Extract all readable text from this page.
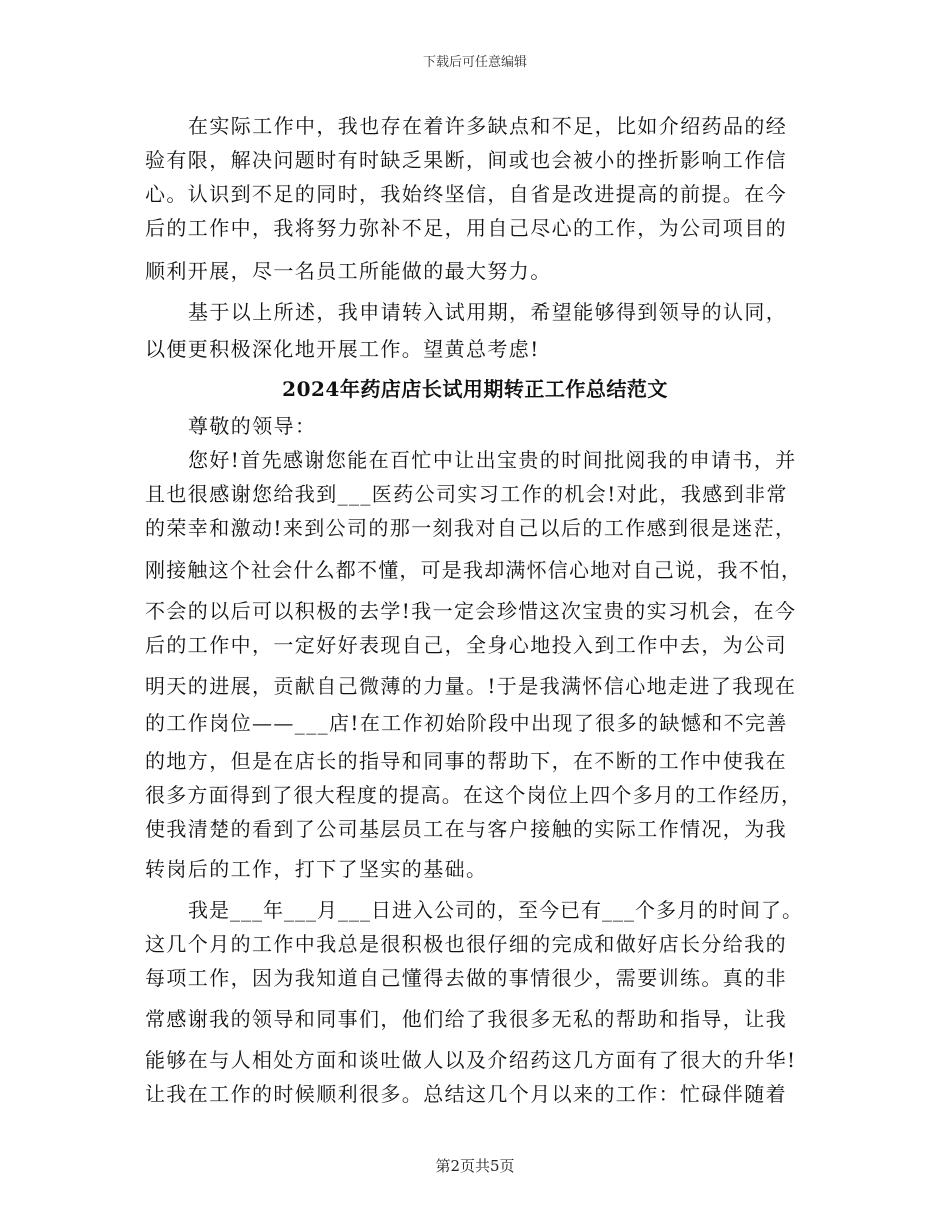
下载后可任意编辑
在实际工作中，我也存在着许多缺点和不足，比如介绍药品的经
验有限，解决问题时有时缺乏果断，间或也会被小的挫折影响工作信
心。认识到不足的同时，我始终坚信，自省是改进提高的前提。在今
后的工作中，我将努力弥补不足，用自己尽心的工作，为公司项目的
顺利开展，尽一名员工所能做的最大努力。
基于以上所述，我申请转入试用期，希望能够得到领导的认同，
以便更积极深化地开展工作。望黄总考虑!
2024年药店店长试用期转正工作总结范文
尊敬的领导：
您好!首先感谢您能在百忙中让出宝贵的时间批阅我的申请书，并
且也很感谢您给我到___医药公司实习工作的机会!对此，我感到非常
的荣幸和激动!来到公司的那一刻我对自己以后的工作感到很是迷茫，
刚接触这个社会什么都不懂，可是我却满怀信心地对自己说，我不怕，
不会的以后可以积极的去学!我一定会珍惜这次宝贵的实习机会，在今
后的工作中，一定好好表现自己，全身心地投入到工作中去，为公司
明天的进展，贡献自己微薄的力量。!于是我满怀信心地走进了我现在
的工作岗位——___店!在工作初始阶段中出现了很多的缺憾和不完善
的地方，但是在店长的指导和同事的帮助下，在不断的工作中使我在
很多方面得到了很大程度的提高。在这个岗位上四个多月的工作经历，
使我清楚的看到了公司基层员工在与客户接触的实际工作情况，为我
转岗后的工作，打下了坚实的基础。
我是___年___月___日进入公司的，至今已有___个多月的时间了。
这几个月的工作中我总是很积极也很仔细的完成和做好店长分给我的
每项工作，因为我知道自己懂得去做的事情很少，需要训练。真的非
常感谢我的领导和同事们，他们给了我很多无私的帮助和指导，让我
能够在与人相处方面和谈吐做人以及介绍药这几方面有了很大的升华!
让我在工作的时候顺利很多。总结这几个月以来的工作：忙碌伴随着
第2页共5页
